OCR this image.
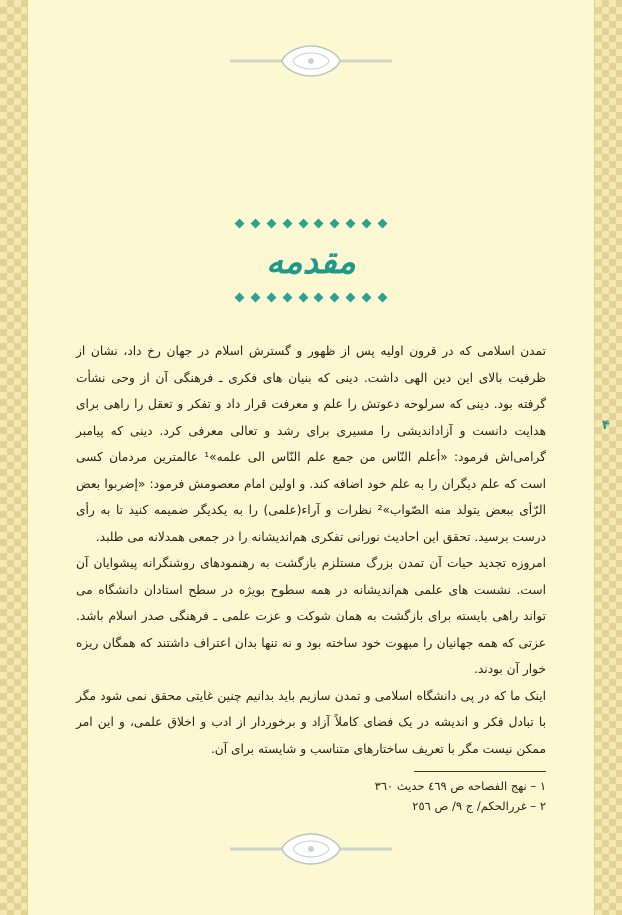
مقدمه
۴

تمدن اسلامی که در قرون اولیه پس از ظهور و گسترش اسلام در جهان رخ داد، نشان از ظرفیت بالای این دین الهی داشت. دینی که بنیان های فکری ـ فرهنگی آن از وحی نشأت گرفته بود. دینی که سرلوحه دعوتش را علم و معرفت قرار داد و تفکر و تعقل را راهی برای هدایت دانست و آزاداندیشی را مسیری برای رشد و تعالی معرفی کرد. دینی که پیامبر گرامی‌اش فرمود: «أعلم النّاس من جمع علم النّاس الی علمه»¹ عالمترین مردمان کسی است که علم دیگران را به علم خود اضافه کند. و اولین امام معصومش فرمود: «إضربوا بعض الرّأی ببعض یتولد منه الصّواب»² نظرات و آراء(علمی) را به یکدیگر ضمیمه کنید تا به رأی درست برسید. تحقق این احادیث نورانی تفکری هم‌اندیشانه را در جمعی همدلانه می طلبد.

امروزه تجدید حیات آن تمدن بزرگ مستلزم بازگشت به رهنمودهای روشنگرانه پیشوایان آن است. نشست های علمی هم‌اندیشانه در همه سطوح بویژه در سطح استادان دانشگاه می تواند راهی بایسته برای بازگشت به همان شوکت و عزت علمی ـ فرهنگی صدر اسلام باشد. عزتی که همه جهانیان را مبهوت خود ساخته بود و نه تنها بدان اعتراف داشتند که همگان ریزه خوار آن بودند.

اینک ما که در پی دانشگاه اسلامی و تمدن سازیم باید بدانیم چنین غایتی محقق نمی شود مگر با تبادل فکر و اندیشه در یک فضای کاملاً آزاد و برخوردار از ادب و اخلاق علمی، و این امر ممکن نیست مگر با تعریف ساختارهای متناسب و شایسته برای آن.

۱ – نهج الفصاحه ص ٤٦٩ حدیث ٣٦٠
۲ – غررالحکم/ ج ۹/ ص ۲٥٦
